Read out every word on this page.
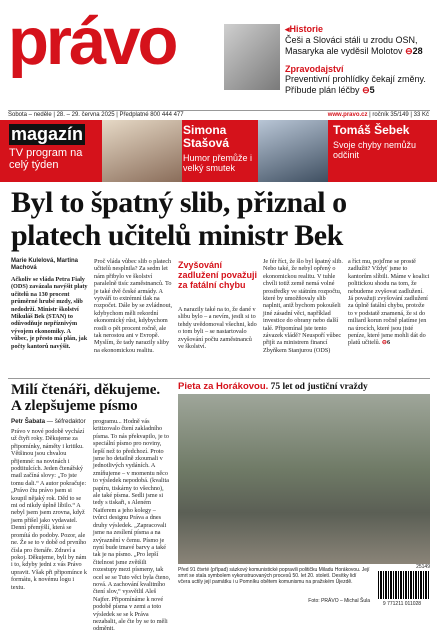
právo	◂Historie
Češi a Slováci stáli u zrodu OSN, Masaryka ale vyděsil Molotov ⊖28
Zpravodajství
Preventivní prohlídky čekají změny. Příbude plán léčby ⊖5
Sobota – neděle | 28. – 29. června 2025 | Předplatné 800 444 477	www.pravo.cz | ročník 35/149 | 33 Kč
magazín
TV program na celý týden
Simona Stašová
Humor přemůže i velký smutek
Tomáš Šebek
Svoje chyby nemůžu odčinit
Byl to špatný slib, přiznal o platech učitelů ministr Bek
Marie Kulelová, Martina Machová
Ačkoliv se vláda Petra Fialy (ODS) zavázala navýšit platy učitelů na 130 procent průměrné hrubé mzdy, slib nedodrží. Ministr školství Mikuláš Bek (STAN) to odůvodňuje nepříznivým vývojem ekonomiky. A vůbec, je přesto má plán, jak počty kantorů navýšit.
Proč vláda vůbec slib o platech učitelů nesplnila? Za sedm let nám přibylo ve školství paralelně tisíc zaměstnanců. To je také dvě české armády. A vytváří to extrémní tlak na rozpočet. Dále by se zvládnout, kdybychom měli rekordní ekonomický růst, kdybychom rostli o pět procent ročně, ale tak nerostou ani v Evropě. Myslím, že tady narazily sliby na ekonomickou realitu.
Zvyšování zadlužení považuji za fatální chybu
A narazily také na to, že dané v slibu bylo – a nevím, jestli si to tehdy uvědomoval všechni, kdo o tom byli – se nastartovalo zvyšování počtu zaměstnanců ve školství.
Je fér říct, že šlo byl špatný slib. Nebo také, že nebyl opřený o ekonomickou realitu. V tuhle chvíli totiž země nemá volné prostředky ve státním rozpočtu, které by umožňovaly slib naplnit, aniž bychom pokoušeli jiné zásadní věci, například investice do obrany nebo další talé. Připomínal jste tento závazek vládě? Neuspoří vůbec přijít za ministrem financí Zbyňkem Stanjurou (ODS)
a říct mu, pojďme se prostě zadlužit? Vždyť jsme to kantorům slíbili. Máme v koalici politickou shodu na tom, že nebudeme zvyšovat zadlužení. Já považuji zvyšování zadlužení za úplně fatální chybu, protože to v podstatě znamená, že si do miliard korun ročně platíme jen na úrocích, které jsou jisté peníze, které jsme mohli dát do platů učitelů. ⊖6
Milí čtenáři, děkujeme. A zlepšujeme písmo
Petr Šabata — šéfredaktor
Právo v nové podobě vychází už čtyři roky. Děkujeme za připomínky, náměty i kritiku. Většinou jsou chvalou přijemné: na novinách i podtitulcích. Jeden čtenářský mail začíná slovy: „To jste tomu dali.“ A autor pokračuje: „Právo čtu právo jsem si koupil nějaký rok. Děd to se mi od nikdy úplně líbilo.“ A nebyl jsem jsem zrovna, když jsem přišel jako vydavatel. Denní přemýšlí, která se promítá do podoby. Pozor, ale ne. Že se to v době od prvního čísla pro čtenáře. Zdraví a pokoj. Děkujeme, byli by nám i to, kdyby jedni z vás Právo upravit. Však při připomínce k formátu, k novému logu i textu.
programu... Hodně vás kritizovalo čtení zakladního písma. To nás překvapilo, je to speciální písmo pro noviny, lepší než to předchozí. Proto jsme ho detailně zkoumali v jednotlivých vydáních. A zmíňujeme – v momentu něco to výsledek nepodobá. (kvalita papíru, tiskárny to všechno), ale také písma. Sedli jsme si tedy s tiskaři, s Aleném Naiferem a jeho kolegy – tvůrci designu Práva a dnes druhy výsledek. „Zapracovali jsme na zesílení písma a na zvýraznění v čemu. Písmo je nyní bude tmavé barvy a také tak je na písmo. „Pro lepší čitelnost jsme zvětšili rozestupy mezi písmeny, tak ocel se se Tuto věci byla čteno, nová. A zachování kvalitního čtení slov,“ vysvětlil Aleš Najfer. Připomínáme k nové podobě písma v zemi a toto výsledek se se k Práva nezabalit, ale čte by se to měli odměnit.
Pieta za Horákovou. 75 let od justiční vraždy
Před 91 čtvrté (případ) sázkový komunistické popravili političku Miladu Horákovou. Její smrt se stala symbolem vykonstruovaných procesů 50. let 20. století. Desítky lidí včera uctily její památku i u Pomníku obětem komunismu na pražském Újezdě.
Foto: PRÁVO – Michal Šula
25149
9 771211 011028
